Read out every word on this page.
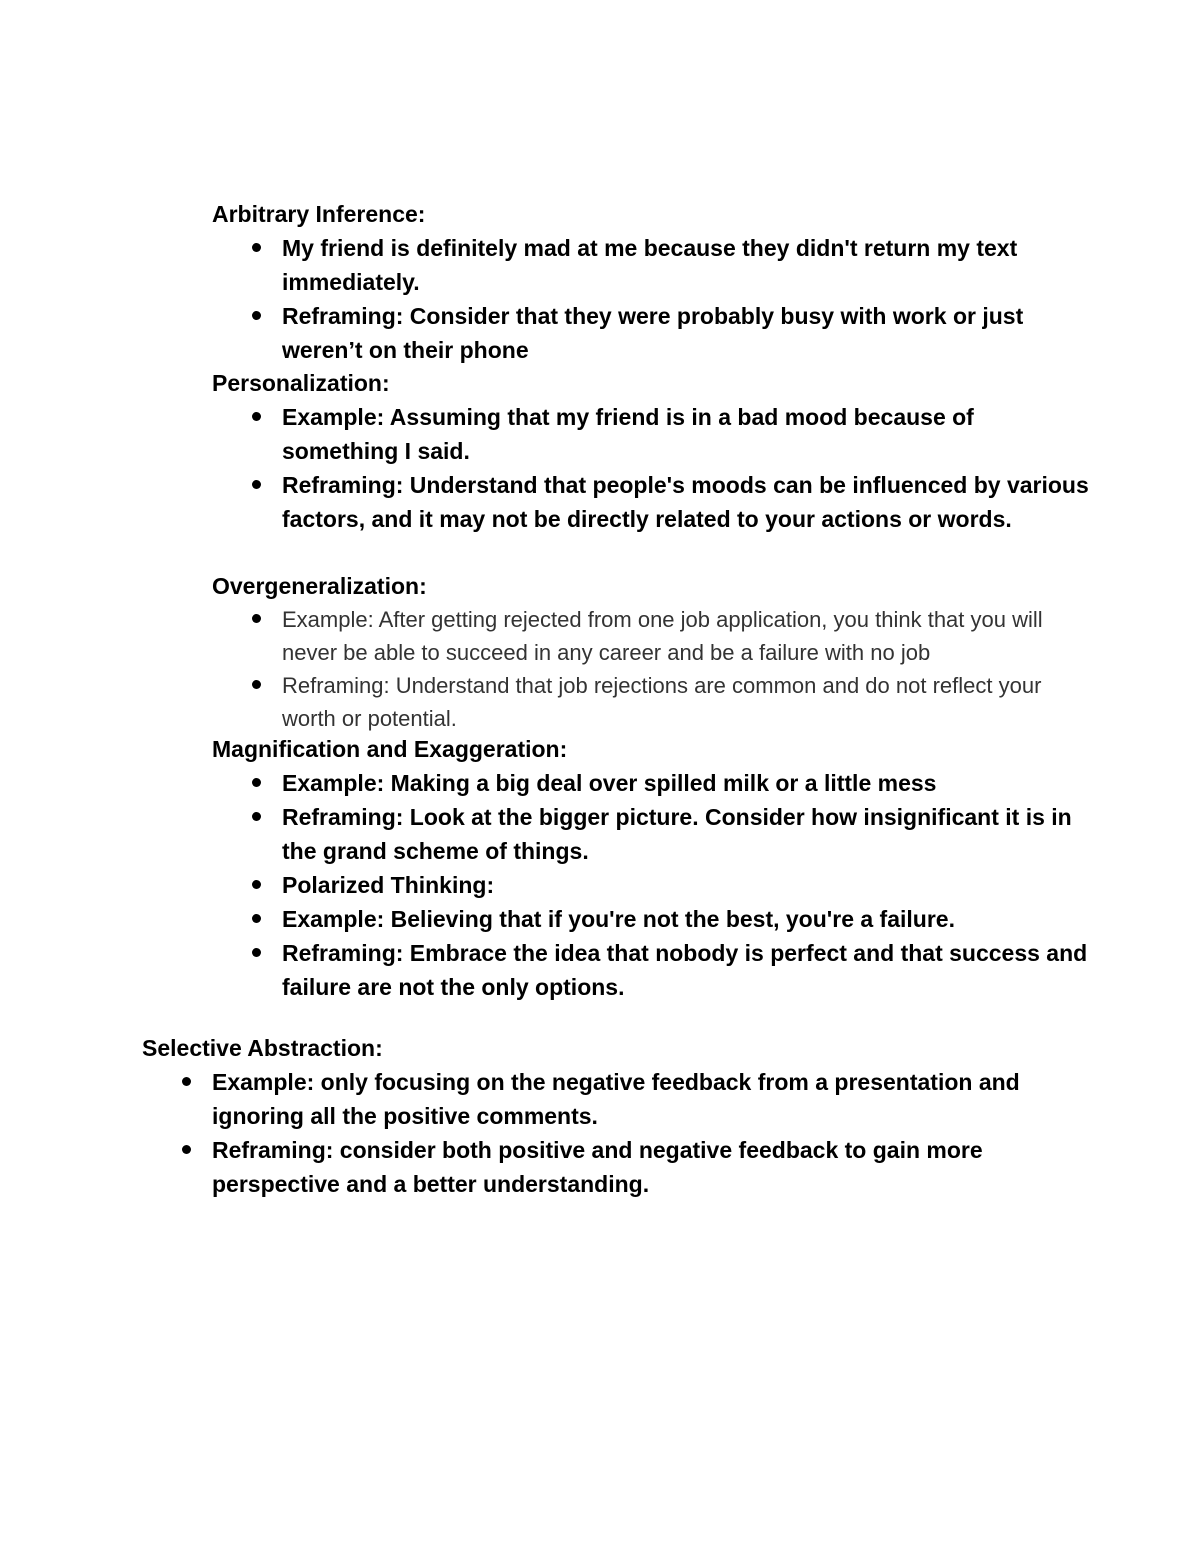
Arbitrary Inference:

My friend is definitely mad at me because they didn't return my text immediately.
Reframing: Consider that they were probably busy with work or just weren’t on their phone

Personalization:

Example: Assuming that my friend is in a bad mood because of something I said.
Reframing: Understand that people's moods can be influenced by various factors, and it may not be directly related to your actions or words.

Overgeneralization:

Example: After getting rejected from one job application, you think that you will never be able to succeed in any career and be a failure with no job
Reframing: Understand that job rejections are common and do not reflect your worth or potential.

Magnification and Exaggeration:

Example: Making a big deal over spilled milk or a little mess
Reframing: Look at the bigger picture. Consider how insignificant it is in the grand scheme of things.
Polarized Thinking:
Example: Believing that if you're not the best, you're a failure.
Reframing: Embrace the idea that nobody is perfect and that success and failure are not the only options.

Selective Abstraction:

Example: only focusing on the negative feedback from a presentation and ignoring all the positive comments.
Reframing: consider both positive and negative feedback to gain more perspective and a better understanding.
